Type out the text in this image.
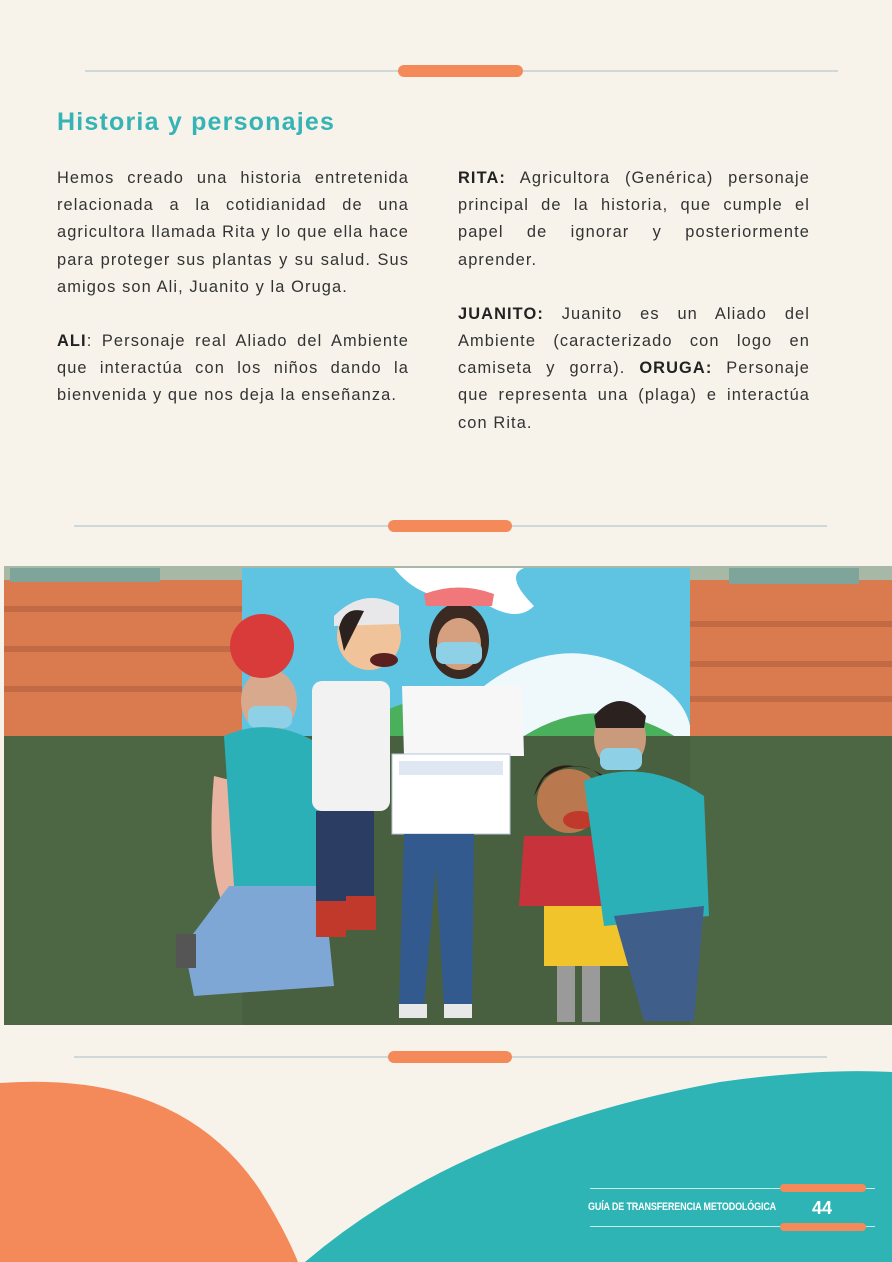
Historia y personajes

Hemos creado una historia entretenida relacionada a la cotidianidad de una agricultora llamada Rita y lo que ella hace para proteger sus plantas y su salud. Sus amigos son Ali, Juanito y la Oruga.

ALI: Personaje real Aliado del Ambiente que interactúa con los niños dando la bienvenida y que nos deja la enseñanza.

RITA: Agricultora (Genérica) personaje principal de la historia, que cumple el papel de ignorar y posteriormente aprender.

JUANITO: Juanito es un Aliado del Ambiente (caracterizado con logo en camiseta y gorra). ORUGA: Personaje que representa una (plaga) e interactúa con Rita.

GUÍA DE TRANSFERENCIA METODOLÓGICA	44
